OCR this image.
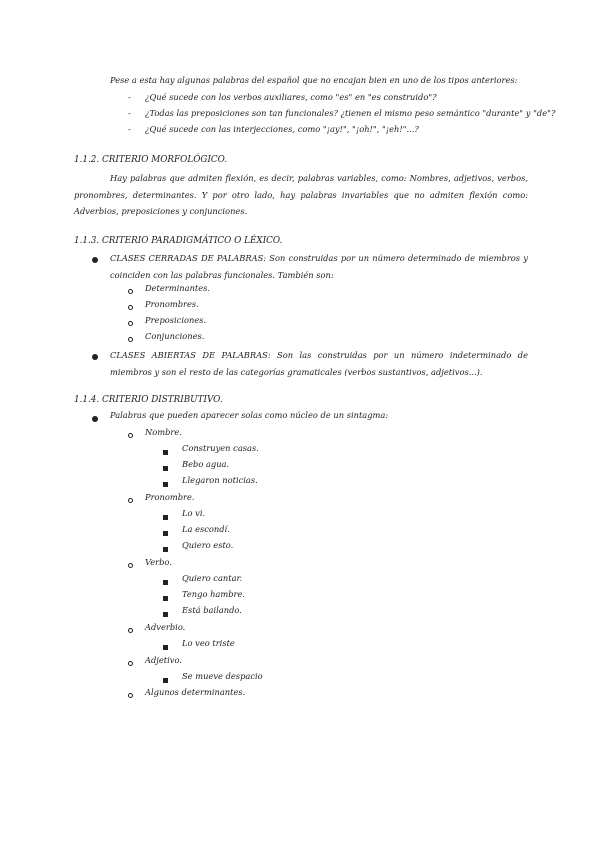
Pese a esta hay algunas palabras del español que no encajan bien en uno de los tipos anteriores:
- ¿Qué sucede con los verbos auxiliares, como "es" en "es construido"?
- ¿Todas las preposiciones son tan funcionales? ¿tienen el mismo peso semántico "durante" y "de"?
- ¿Qué sucede con las interjecciones, como "¡ay!", "¡oh!", "¡eh!"...?
1.1.2. CRITERIO MORFOLÓGICO.
Hay palabras que admiten flexión, es decir, palabras variables, como: Nombres, adjetivos, verbos, pronombres, determinantes. Y por otro lado, hay palabras invariables que no admiten flexión como: Adverbios, preposiciones y conjunciones.
1.1.3. CRITERIO PARADIGMÁTICO O LÉXICO.
CLASES CERRADAS DE PALABRAS: Son construidas por un número determinado de miembros y coinciden con las palabras funcionales. También son:
Determinantes.
Pronombres.
Preposiciones.
Conjunciones.
CLASES ABIERTAS DE PALABRAS: Son las construidas por un número indeterminado de miembros y son el resto de las categorías gramaticales (verbos sustantivos, adjetivos...).
1.1.4. CRITERIO DISTRIBUTIVO.
Palabras que pueden aparecer solas como núcleo de un sintagma:
Nombre.
Construyen casas.
Bebo agua.
Llegaron noticias.
Pronombre.
Lo vi.
La escondí.
Quiero esto.
Verbo.
Quiero cantar.
Tengo hambre.
Está bailando.
Adverbio.
Lo veo triste
Adjetivo.
Se mueve despacio
Algunos determinantes.
